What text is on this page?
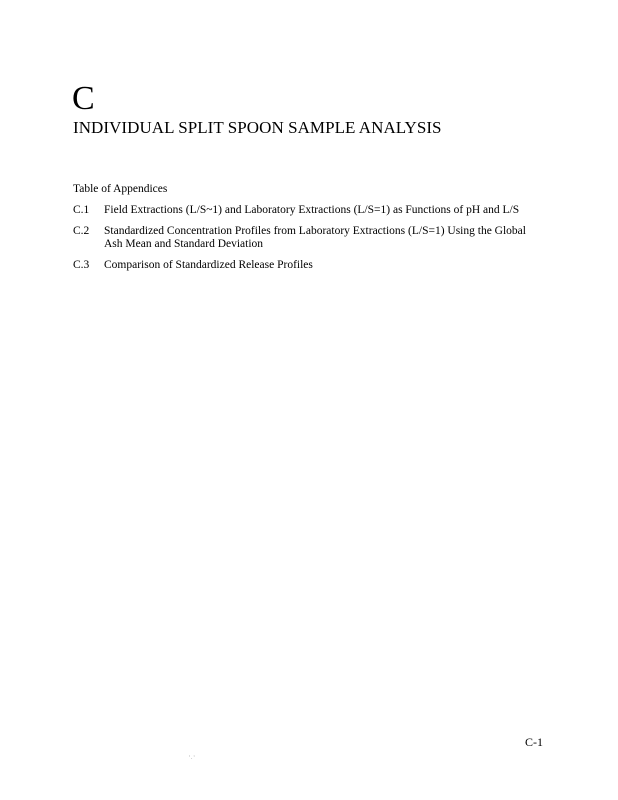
C
INDIVIDUAL SPLIT SPOON SAMPLE ANALYSIS
Table of Appendices
C.1	Field Extractions (L/S~1) and Laboratory Extractions (L/S=1) as Functions of pH and L/S
C.2	Standardized Concentration Profiles from Laboratory Extractions (L/S=1) Using the Global Ash Mean and Standard Deviation
C.3	Comparison of Standardized Release Profiles
C-1
' . '
